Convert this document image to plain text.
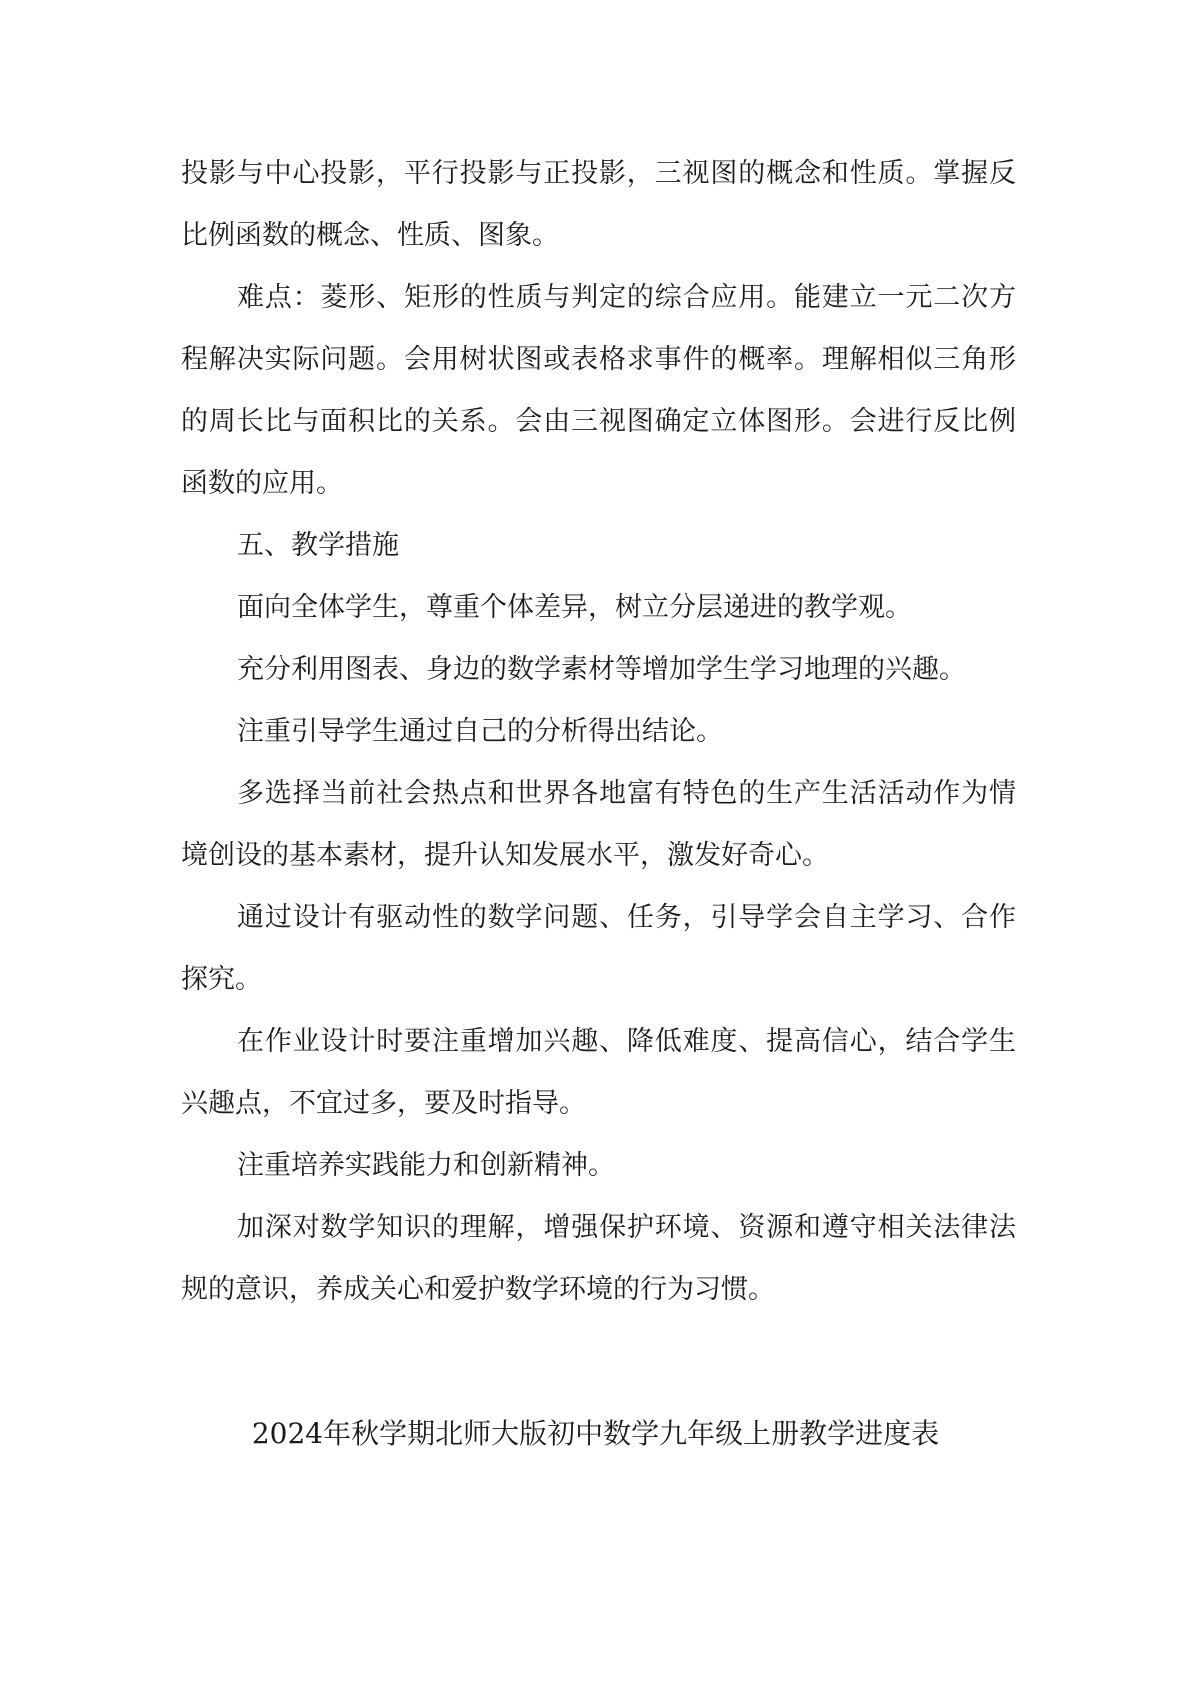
投影与中心投影，平行投影与正投影，三视图的概念和性质。掌握反比例函数的概念、性质、图象。

难点：菱形、矩形的性质与判定的综合应用。能建立一元二次方程解决实际问题。会用树状图或表格求事件的概率。理解相似三角形的周长比与面积比的关系。会由三视图确定立体图形。会进行反比例函数的应用。

五、教学措施

面向全体学生，尊重个体差异，树立分层递进的教学观。

充分利用图表、身边的数学素材等增加学生学习地理的兴趣。

注重引导学生通过自己的分析得出结论。

多选择当前社会热点和世界各地富有特色的生产生活活动作为情境创设的基本素材，提升认知发展水平，激发好奇心。

通过设计有驱动性的数学问题、任务，引导学会自主学习、合作探究。

在作业设计时要注重增加兴趣、降低难度、提高信心，结合学生兴趣点，不宜过多，要及时指导。

注重培养实践能力和创新精神。

加深对数学知识的理解，增强保护环境、资源和遵守相关法律法规的意识，养成关心和爱护数学环境的行为习惯。

2024年秋学期北师大版初中数学九年级上册教学进度表
